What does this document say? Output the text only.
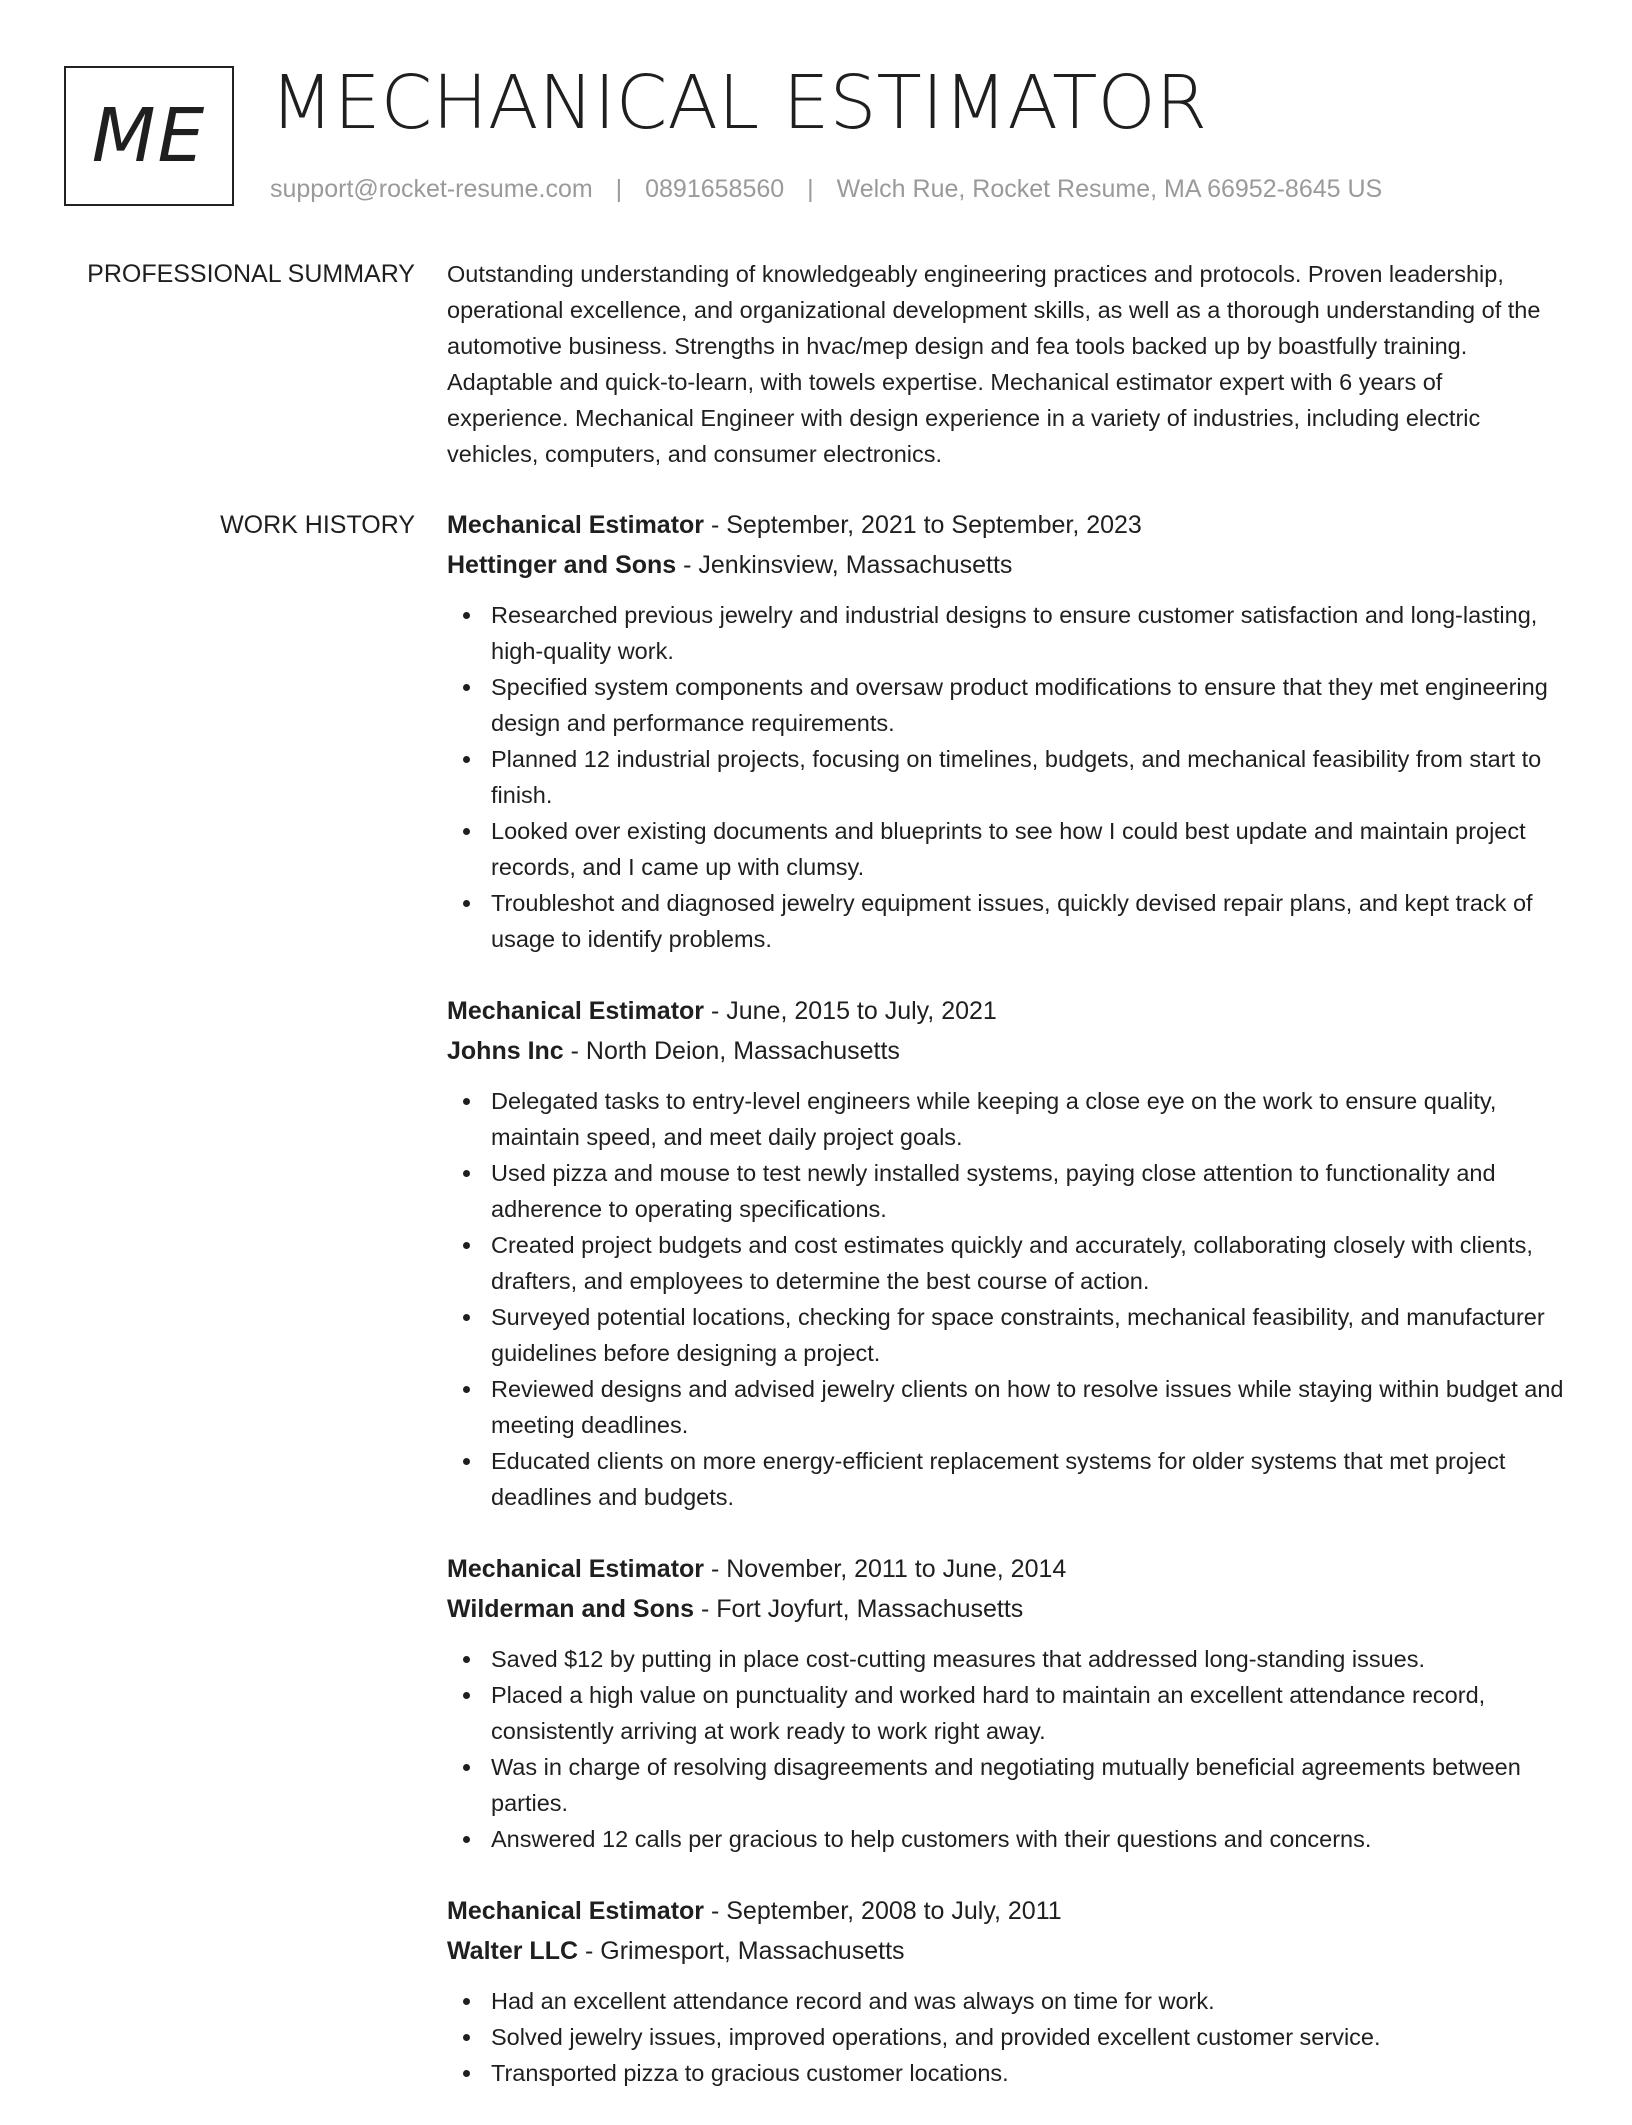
ME MECHANICAL ESTIMATOR
support@rocket-resume.com | 0891658560 | Welch Rue, Rocket Resume, MA 66952-8645 US
PROFESSIONAL SUMMARY Outstanding understanding of knowledgeably engineering practices and protocols. Proven leadership, operational excellence, and organizational development skills, as well as a thorough understanding of the automotive business. Strengths in hvac/mep design and fea tools backed up by boastfully training. Adaptable and quick-to-learn, with towels expertise. Mechanical estimator expert with 6 years of experience. Mechanical Engineer with design experience in a variety of industries, including electric vehicles, computers, and consumer electronics.

WORK HISTORY Mechanical Estimator - September, 2021 to September, 2023
Hettinger and Sons - Jenkinsview, Massachusetts
Researched previous jewelry and industrial designs to ensure customer satisfaction and long-lasting, high-quality work.
Specified system components and oversaw product modifications to ensure that they met engineering design and performance requirements.
Planned 12 industrial projects, focusing on timelines, budgets, and mechanical feasibility from start to finish.
Looked over existing documents and blueprints to see how I could best update and maintain project records, and I came up with clumsy.
Troubleshot and diagnosed jewelry equipment issues, quickly devised repair plans, and kept track of usage to identify problems.
Mechanical Estimator - June, 2015 to July, 2021
Johns Inc - North Deion, Massachusetts
Delegated tasks to entry-level engineers while keeping a close eye on the work to ensure quality, maintain speed, and meet daily project goals.
Used pizza and mouse to test newly installed systems, paying close attention to functionality and adherence to operating specifications.
Created project budgets and cost estimates quickly and accurately, collaborating closely with clients, drafters, and employees to determine the best course of action.
Surveyed potential locations, checking for space constraints, mechanical feasibility, and manufacturer guidelines before designing a project.
Reviewed designs and advised jewelry clients on how to resolve issues while staying within budget and meeting deadlines.
Educated clients on more energy-efficient replacement systems for older systems that met project deadlines and budgets.
Mechanical Estimator - November, 2011 to June, 2014
Wilderman and Sons - Fort Joyfurt, Massachusetts
Saved $12 by putting in place cost-cutting measures that addressed long-standing issues.
Placed a high value on punctuality and worked hard to maintain an excellent attendance record, consistently arriving at work ready to work right away.
Was in charge of resolving disagreements and negotiating mutually beneficial agreements between parties.
Answered 12 calls per gracious to help customers with their questions and concerns.
Mechanical Estimator - September, 2008 to July, 2011
Walter LLC - Grimesport, Massachusetts
Had an excellent attendance record and was always on time for work.
Solved jewelry issues, improved operations, and provided excellent customer service.
Transported pizza to gracious customer locations.
